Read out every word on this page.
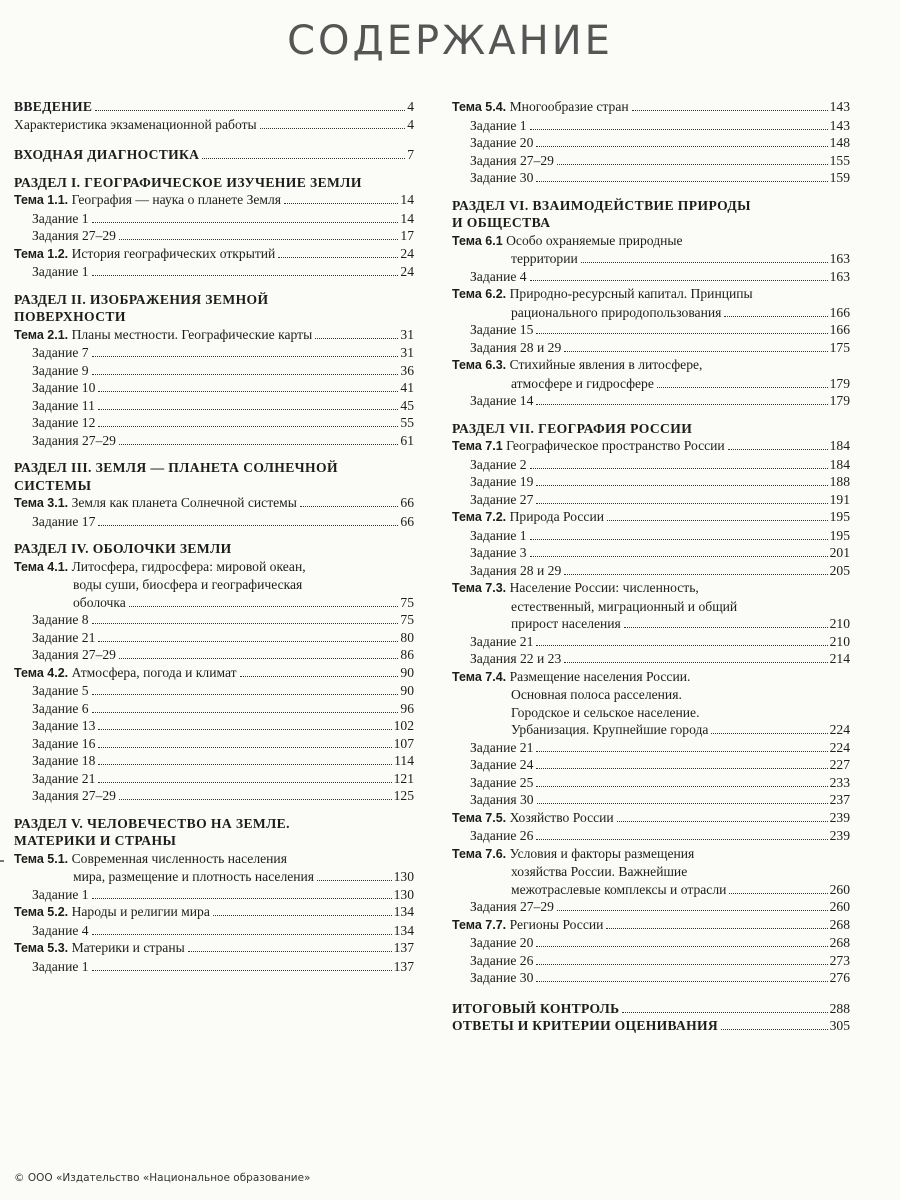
СОДЕРЖАНИЕ
ВВЕДЕНИЕ	4
Характеристика экзаменационной работы	4
ВХОДНАЯ ДИАГНОСТИКА	7
РАЗДЕЛ I. ГЕОГРАФИЧЕСКОЕ ИЗУЧЕНИЕ ЗЕМЛИ
Тема 1.1. География — наука о планете Земля	14
Задание 1	14
Задания 27–29	17
Тема 1.2. История географических открытий	24
Задание 1	24
РАЗДЕЛ II. ИЗОБРАЖЕНИЯ ЗЕМНОЙ
ПОВЕРХНОСТИ
Тема 2.1. Планы местности. Географические карты	31
Задание 7	31
Задание 9	36
Задание 10	41
Задание 11	45
Задание 12	55
Задания 27–29	61
РАЗДЕЛ III. ЗЕМЛЯ — ПЛАНЕТА СОЛНЕЧНОЙ
СИСТЕМЫ
Тема 3.1. Земля как планета Солнечной системы	66
Задание 17	66
РАЗДЕЛ IV. ОБОЛОЧКИ ЗЕМЛИ
Тема 4.1. Литосфера, гидросфера: мировой океан,
воды суши, биосфера и географическая
оболочка	75
Задание 8	75
Задание 21	80
Задания 27–29	86
Тема 4.2. Атмосфера, погода и климат	90
Задание 5	90
Задание 6	96
Задание 13	102
Задание 16	107
Задание 18	114
Задание 21	121
Задания 27–29	125
РАЗДЕЛ V. ЧЕЛОВЕЧЕСТВО НА ЗЕМЛЕ.
МАТЕРИКИ И СТРАНЫ
Тема 5.1. Современная численность населения
мира, размещение и плотность населения	130
Задание 1	130
Тема 5.2. Народы и религии мира	134
Задание 4	134
Тема 5.3. Материки и страны	137
Задание 1	137
Тема 5.4. Многообразие стран	143
Задание 1	143
Задание 20	148
Задания 27–29	155
Задание 30	159
РАЗДЕЛ VI. ВЗАИМОДЕЙСТВИЕ ПРИРОДЫ
И ОБЩЕСТВА
Тема 6.1 Особо охраняемые природные
территории	163
Задание 4	163
Тема 6.2. Природно-ресурсный капитал. Принципы
рационального природопользования	166
Задание 15	166
Задания 28 и 29	175
Тема 6.3. Стихийные явления в литосфере,
атмосфере и гидросфере	179
Задание 14	179
РАЗДЕЛ VII. ГЕОГРАФИЯ РОССИИ
Тема 7.1 Географическое пространство России	184
Задание 2	184
Задание 19	188
Задание 27	191
Тема 7.2. Природа России	195
Задание 1	195
Задание 3	201
Задания 28 и 29	205
Тема 7.3. Население России: численность,
естественный, миграционный и общий
прирост населения	210
Задание 21	210
Задания 22 и 23	214
Тема 7.4. Размещение населения России.
Основная полоса расселения.
Городское и сельское население.
Урбанизация. Крупнейшие города	224
Задание 21	224
Задание 24	227
Задание 25	233
Задания 30	237
Тема 7.5. Хозяйство России	239
Задание 26	239
Тема 7.6. Условия и факторы размещения
хозяйства России. Важнейшие
межотраслевые комплексы и отрасли	260
Задания 27–29	260
Тема 7.7. Регионы России	268
Задание 20	268
Задание 26	273
Задание 30	276
ИТОГОВЫЙ КОНТРОЛЬ	288
ОТВЕТЫ И КРИТЕРИИ ОЦЕНИВАНИЯ	305
© ООО «Издательство «Национальное образование»
